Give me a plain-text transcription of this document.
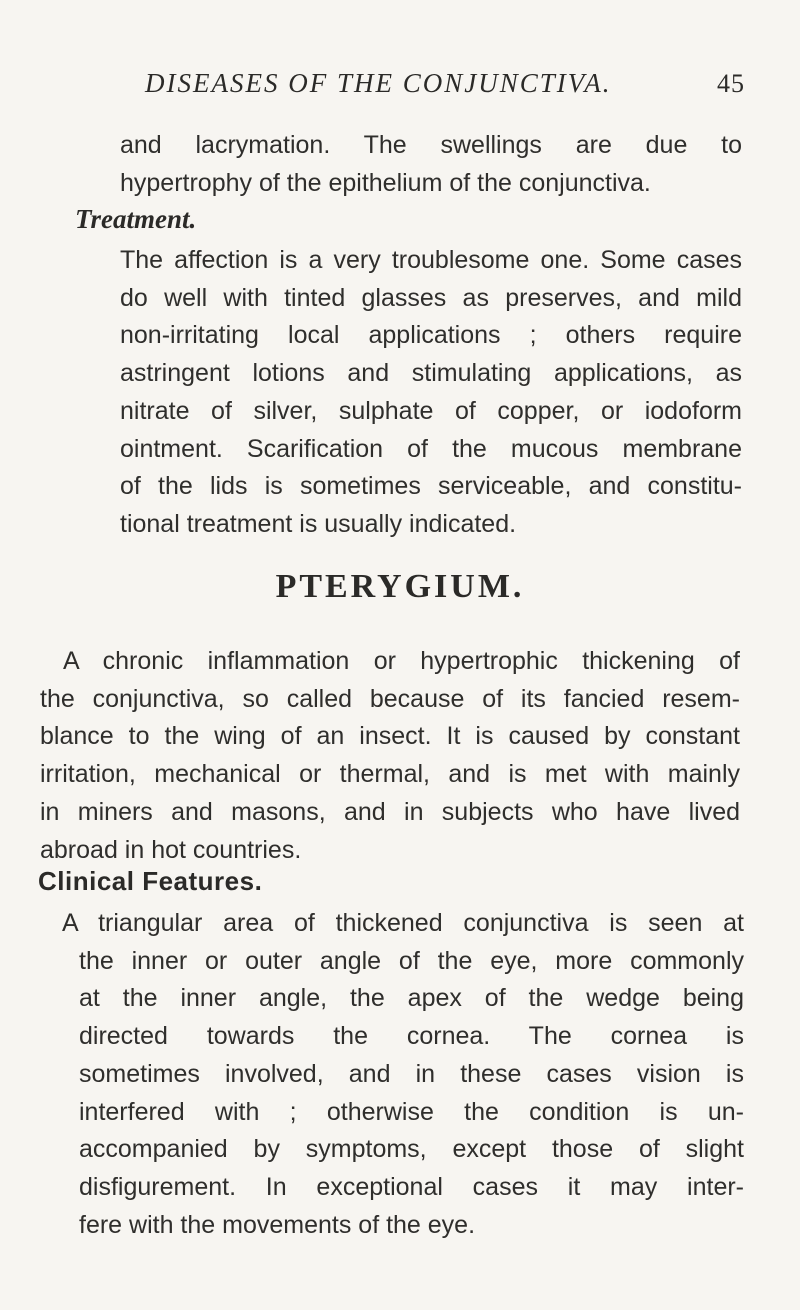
DISEASES OF THE CONJUNCTIVA.	45

and lacrymation. The swellings are due to
hypertrophy of the epithelium of the conjunctiva.

Treatment.

The affection is a very troublesome one. Some cases
do well with tinted glasses as preserves, and mild
non-irritating local applications ; others require
astringent lotions and stimulating applications, as
nitrate of silver, sulphate of copper, or iodoform
ointment. Scarification of the mucous membrane
of the lids is sometimes serviceable, and constitu-
tional treatment is usually indicated.

PTERYGIUM.

A chronic inflammation or hypertrophic thickening of
the conjunctiva, so called because of its fancied resem-
blance to the wing of an insect. It is caused by constant
irritation, mechanical or thermal, and is met with mainly
in miners and masons, and in subjects who have lived
abroad in hot countries.

Clinical Features.

A triangular area of thickened conjunctiva is seen at
the inner or outer angle of the eye, more commonly
at the inner angle, the apex of the wedge being
directed towards the cornea. The cornea is
sometimes involved, and in these cases vision is
interfered with ; otherwise the condition is un-
accompanied by symptoms, except those of slight
disfigurement. In exceptional cases it may inter-
fere with the movements of the eye.
